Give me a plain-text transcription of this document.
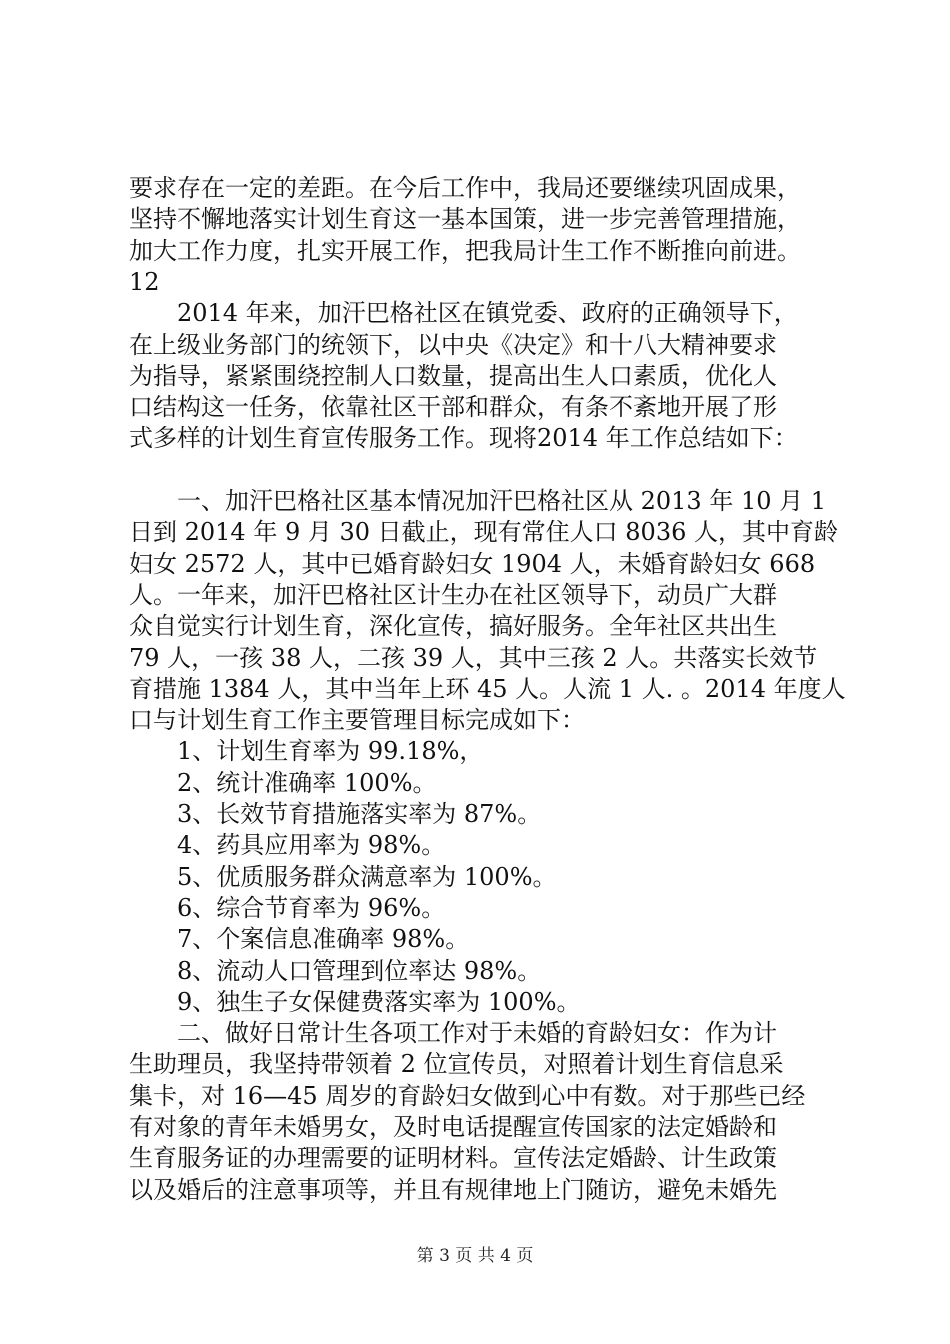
要求存在一定的差距。在今后工作中，我局还要继续巩固成果，
坚持不懈地落实计划生育这一基本国策，进一步完善管理措施，
加大工作力度，扎实开展工作，把我局计生工作不断推向前进。
12
　　2014 年来，加汗巴格社区在镇党委、政府的正确领导下，
在上级业务部门的统领下，以中央《决定》和十八大精神要求
为指导，紧紧围绕控制人口数量，提高出生人口素质，优化人
口结构这一任务，依靠社区干部和群众，有条不紊地开展了形
式多样的计划生育宣传服务工作。现将2014 年工作总结如下：
　　一、加汗巴格社区基本情况加汗巴格社区从 2013 年 10 月 1
日到 2014 年 9 月 30 日截止，现有常住人口 8036 人，其中育龄
妇女 2572 人，其中已婚育龄妇女 1904 人，未婚育龄妇女 668
人。一年来，加汗巴格社区计生办在社区领导下，动员广大群
众自觉实行计划生育，深化宣传，搞好服务。全年社区共出生
79 人，一孩 38 人，二孩 39 人，其中三孩 2 人。共落实长效节
育措施 1384 人，其中当年上环 45 人。人流 1 人. 。2014 年度人
口与计划生育工作主要管理目标完成如下：
　　1、计划生育率为 99.18%，
　　2、统计准确率 100%。
　　3、长效节育措施落实率为 87%。
　　4、药具应用率为 98%。
　　5、优质服务群众满意率为 100%。
　　6、综合节育率为 96%。
　　7、个案信息准确率 98%。
　　8、流动人口管理到位率达 98%。
　　9、独生子女保健费落实率为 100%。
　　二、做好日常计生各项工作对于未婚的育龄妇女：作为计
生助理员，我坚持带领着 2 位宣传员，对照着计划生育信息采
集卡，对 16—45 周岁的育龄妇女做到心中有数。对于那些已经
有对象的青年未婚男女，及时电话提醒宣传国家的法定婚龄和
生育服务证的办理需要的证明材料。宣传法定婚龄、计生政策
以及婚后的注意事项等，并且有规律地上门随访，避免未婚先
第 3 页 共 4 页
